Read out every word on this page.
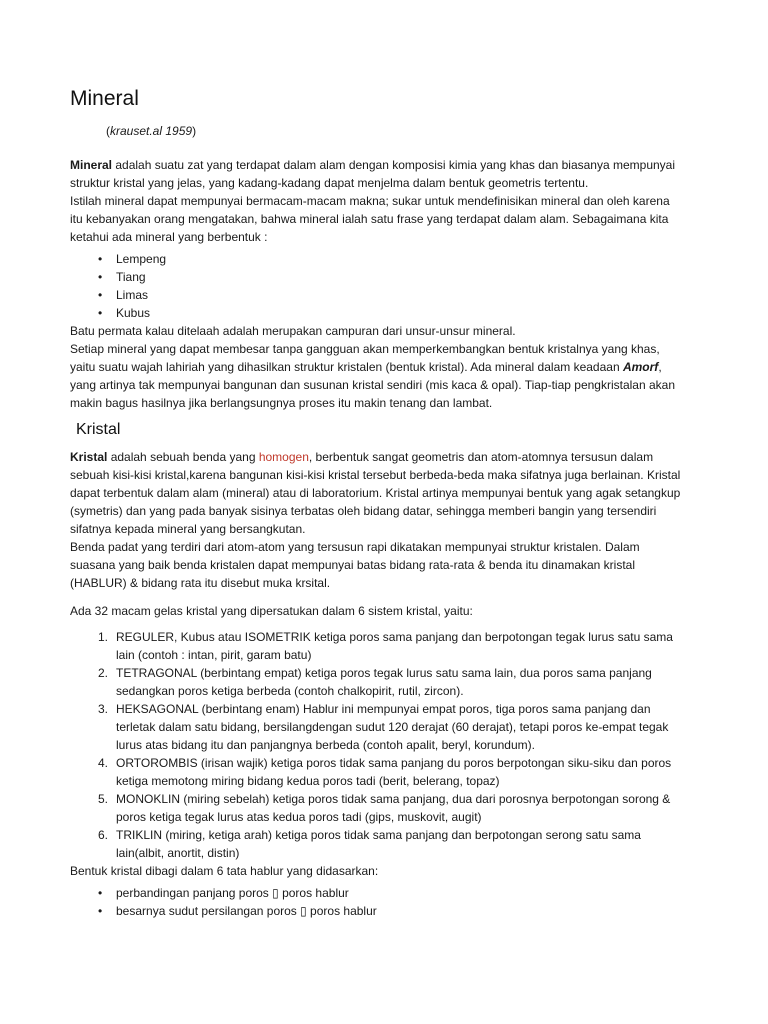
Mineral
(krauset.al 1959)

Mineral adalah suatu zat yang terdapat dalam alam dengan komposisi kimia yang khas dan biasanya mempunyai
struktur kristal yang jelas, yang kadang-kadang dapat menjelma dalam bentuk geometris tertentu.
Istilah mineral dapat mempunyai bermacam-macam makna; sukar untuk mendefinisikan mineral dan oleh karena
itu kebanyakan orang mengatakan, bahwa mineral ialah satu frase yang terdapat dalam alam. Sebagaimana kita
ketahui ada mineral yang berbentuk :

• Lempeng
• Tiang
• Limas
• Kubus

Batu permata kalau ditelaah adalah merupakan campuran dari unsur-unsur mineral.
Setiap mineral yang dapat membesar tanpa gangguan akan memperkembangkan bentuk kristalnya yang khas,
yaitu suatu wajah lahiriah yang dihasilkan struktur kristalen (bentuk kristal). Ada mineral dalam keadaan Amorf,
yang artinya tak mempunyai bangunan dan susunan kristal sendiri (mis kaca & opal). Tiap-tiap pengkristalan akan
makin bagus hasilnya jika berlangsungnya proses itu makin tenang dan lambat.

Kristal

Kristal adalah sebuah benda yang homogen, berbentuk sangat geometris dan atom-atomnya tersusun dalam
sebuah kisi-kisi kristal,karena bangunan kisi-kisi kristal tersebut berbeda-beda maka sifatnya juga berlainan. Kristal
dapat terbentuk dalam alam (mineral) atau di laboratorium. Kristal artinya mempunyai bentuk yang agak setangkup
(symetris) dan yang pada banyak sisinya terbatas oleh bidang datar, sehingga memberi bangin yang tersendiri
sifatnya kepada mineral yang bersangkutan.
Benda padat yang terdiri dari atom-atom yang tersusun rapi dikatakan mempunyai struktur kristalen. Dalam
suasana yang baik benda kristalen dapat mempunyai batas bidang rata-rata & benda itu dinamakan kristal
(HABLUR) & bidang rata itu disebut muka krsital.

Ada 32 macam gelas kristal yang dipersatukan dalam 6 sistem kristal, yaitu:

1. REGULER, Kubus atau ISOMETRIK ketiga poros sama panjang dan berpotongan tegak lurus satu sama
lain (contoh : intan, pirit, garam batu)
2. TETRAGONAL (berbintang empat) ketiga poros tegak lurus satu sama lain, dua poros sama panjang
sedangkan poros ketiga berbeda (contoh chalkopirit, rutil, zircon).
3. HEKSAGONAL (berbintang enam) Hablur ini mempunyai empat poros, tiga poros sama panjang dan
terletak dalam satu bidang, bersilangdengan sudut 120 derajat (60 derajat), tetapi poros ke-empat tegak
lurus atas bidang itu dan panjangnya berbeda (contoh apalit, beryl, korundum).
4. ORTOROMBIS (irisan wajik) ketiga poros tidak sama panjang du poros berpotongan siku-siku dan poros
ketiga memotong miring bidang kedua poros tadi (berit, belerang, topaz)
5. MONOKLIN (miring sebelah) ketiga poros tidak sama panjang, dua dari porosnya berpotongan sorong &
poros ketiga tegak lurus atas kedua poros tadi (gips, muskovit, augit)
6. TRIKLIN (miring, ketiga arah) ketiga poros tidak sama panjang dan berpotongan serong satu sama
lain(albit, anortit, distin)

Bentuk kristal dibagi dalam 6 tata hablur yang didasarkan:

• perbandingan panjang poros ▯ poros hablur
• besarnya sudut persilangan poros ▯ poros hablur
